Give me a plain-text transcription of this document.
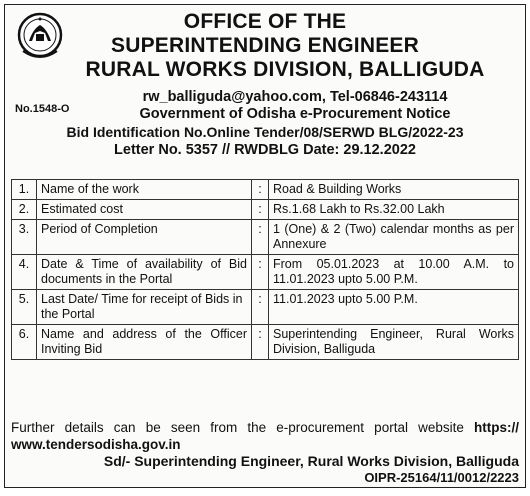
OFFICE OF THE
SUPERINTENDING ENGINEER
RURAL WORKS DIVISION, BALLIGUDA
No.1548-O
rw_balliguda@yahoo.com, Tel-06846-243114
Government of Odisha e-Procurement Notice
Bid Identification No.Online Tender/08/SERWD BLG/2022-23
Letter No. 5357 // RWDBLG Date: 29.12.2022
1.	Name of the work	:	Road & Building Works
2.	Estimated cost	:	Rs.1.68 Lakh to Rs.32.00 Lakh
3.	Period of Completion	:	1 (One) & 2 (Two) calendar months as per Annexure
4.	Date & Time of availability of Bid documents in the Portal	:	From 05.01.2023 at 10.00 A.M. to 11.01.2023 upto 5.00 P.M.
5.	Last Date/ Time for receipt of Bids in the Portal	:	11.01.2023 upto 5.00 P.M.
6.	Name and address of the Officer Inviting Bid	:	Superintending Engineer, Rural Works Division, Balliguda
Further details can be seen from the e-procurement portal website https:// www.tendersodisha.gov.in
Sd/- Superintending Engineer, Rural Works Division, Balliguda
OIPR-25164/11/0012/2223
